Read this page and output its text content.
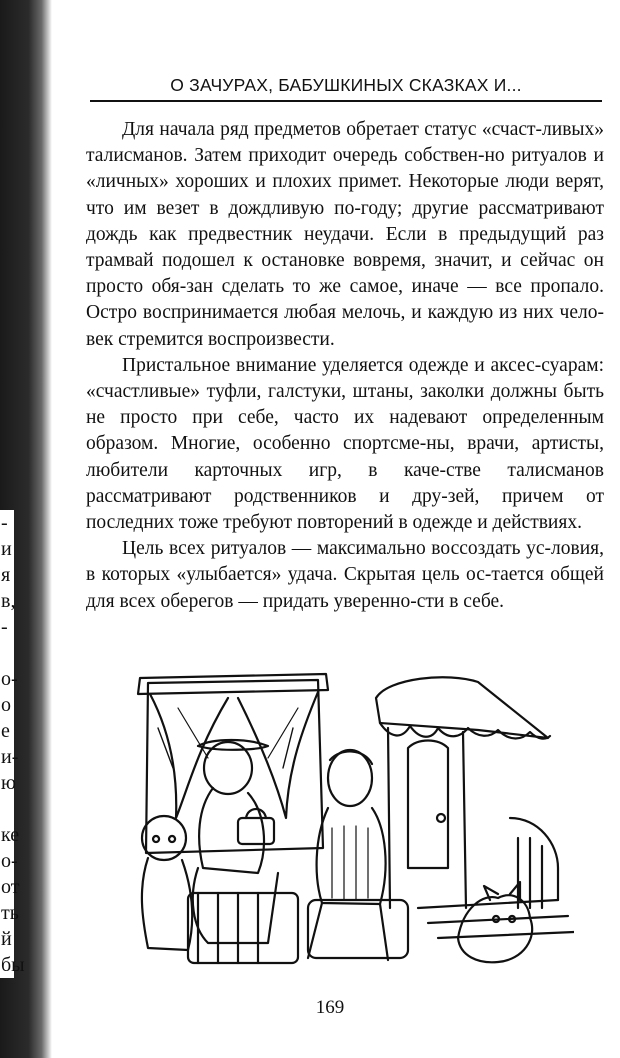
-
и
я
в,
-
о-
о
е
и-
ю
ке
о-
от
ть
й
бы
О ЗАЧУРАХ, БАБУШКИНЫХ СКАЗКАХ И...

Для начала ряд предметов обретает статус «счаст-ливых» талисманов. Затем приходит очередь собствен-но ритуалов и «личных» хороших и плохих примет. Некоторые люди верят, что им везет в дождливую по-году; другие рассматривают дождь как предвестник неудачи. Если в предыдущий раз трамвай подошел к остановке вовремя, значит, и сейчас он просто обя-зан сделать то же самое, иначе — все пропало. Остро воспринимается любая мелочь, и каждую из них чело-век стремится воспроизвести.

Пристальное внимание уделяется одежде и аксес-суарам: «счастливые» туфли, галстуки, штаны, заколки должны быть не просто при себе, часто их надевают определенным образом. Многие, особенно спортсме-ны, врачи, артисты, любители карточных игр, в каче-стве талисманов рассматривают родственников и дру-зей, причем от последних тоже требуют повторений в одежде и действиях.

Цель всех ритуалов — максимально воссоздать ус-ловия, в которых «улыбается» удача. Скрытая цель ос-тается общей для всех оберегов — придать уверенно-сти в себе.

169
